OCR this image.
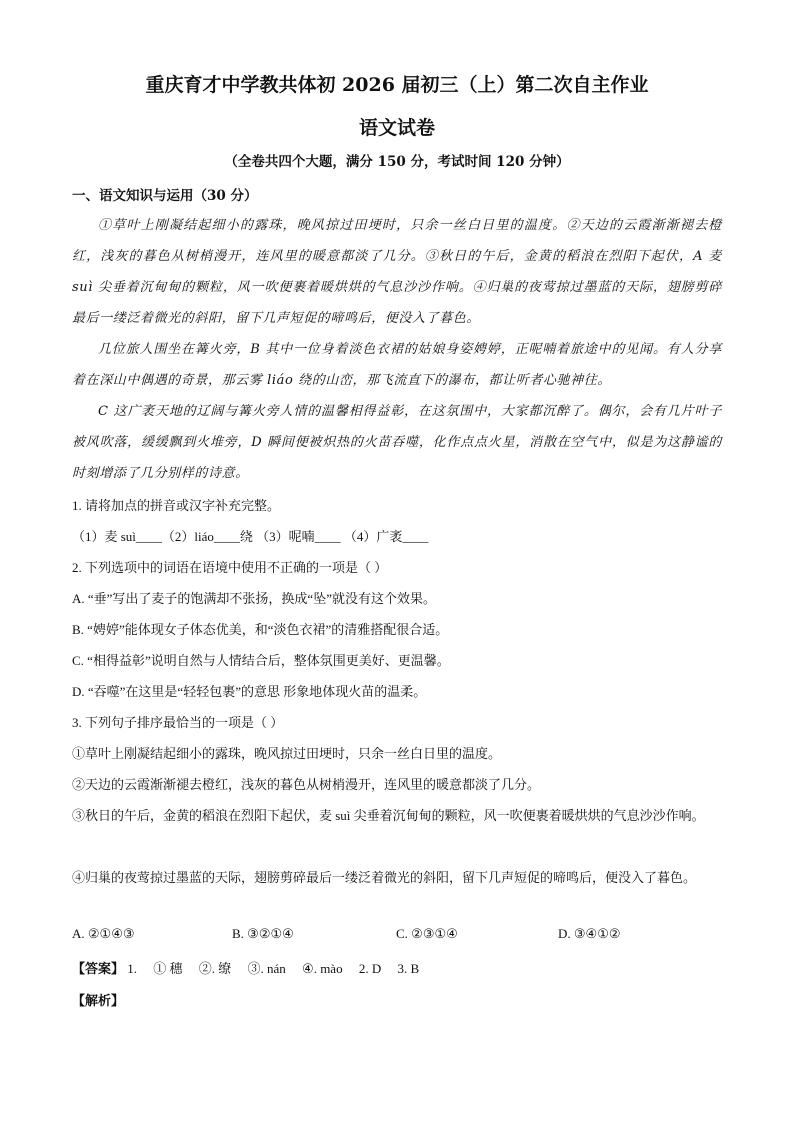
重庆育才中学教共体初 2026 届初三（上）第二次自主作业
语文试卷
（全卷共四个大题，满分 150 分，考试时间 120 分钟）
一、语文知识与运用（30 分）
①草叶上刚凝结起细小的露珠，晚风掠过田埂时，只余一丝白日里的温度。②天边的云霞渐渐褪去橙红，浅灰的暮色从树梢漫开，连风里的暖意都淡了几分。③秋日的午后，金黄的稻浪在烈阳下起伏，A 麦 suì 尖垂着沉甸甸的颗粒，风一吹便裹着暖烘烘的气息沙沙作响。④归巢的夜莺掠过墨蓝的天际，翅膀剪碎最后一缕泛着微光的斜阳，留下几声短促的啼鸣后，便没入了暮色。
几位旅人围坐在篝火旁，B 其中一位身着淡色衣裙的姑娘身姿娉婷，正呢喃着旅途中的见闻。有人分享着在深山中偶遇的奇景，那云雾 liáo 绕的山峦，那飞流直下的瀑布，都让听者心驰神往。
C 这广袤天地的辽阔与篝火旁人情的温馨相得益彰，在这氛围中，大家都沉醉了。偶尔，会有几片叶子被风吹落，缓缓飘到火堆旁，D 瞬间便被炽热的火苗吞噬，化作点点火星，消散在空气中，似是为这静谧的时刻增添了几分别样的诗意。
1. 请将加点的拼音或汉字补充完整。
（1）麦 suì____（2）liáo____绕 （3）呢喃____ （4）广袤____
2. 下列选项中的词语在语境中使用不正确的一项是（ ）
A. “垂”写出了麦子的饱满却不张扬，换成“坠”就没有这个效果。
B. “娉婷”能体现女子体态优美，和“淡色衣裙”的清雅搭配很合适。
C. “相得益彰”说明自然与人情结合后，整体氛围更美好、更温馨。
D. “吞噬”在这里是“轻轻包裹”的意思 形象地体现火苗的温柔。
3. 下列句子排序最恰当的一项是（ ）
①草叶上刚凝结起细小的露珠，晚风掠过田埂时，只余一丝白日里的温度。
②天边的云霞渐渐褪去橙红，浅灰的暮色从树梢漫开，连风里的暖意都淡了几分。
③秋日的午后，金黄的稻浪在烈阳下起伏，麦 suì 尖垂着沉甸甸的颗粒，风一吹便裹着暖烘烘的气息沙沙作响。
④归巢的夜莺掠过墨蓝的天际，翅膀剪碎最后一缕泛着微光的斜阳，留下几声短促的啼鸣后，便没入了暮色。
A. ②①④③	B. ③②①④	C. ②③①④	D. ③④①②
【答案】 1.     ① 穗     ②. 缭     ③. nán     ④. mào     2. D     3. B
【解析】
